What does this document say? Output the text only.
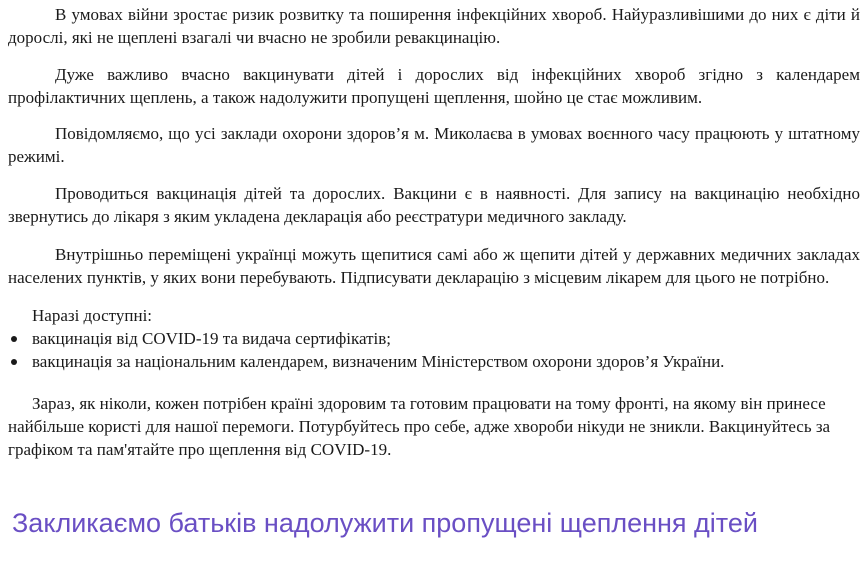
В умовах війни зростає ризик розвитку та поширення інфекційних хвороб. Найуразливішими до них є діти й дорослі, які не щеплені взагалі чи вчасно не зробили ревакцинацію.

Дуже важливо вчасно вакцинувати дітей і дорослих від інфекційних хвороб згідно з календарем профілактичних щеплень, а також надолужити пропущені щеплення, шойно це стає можливим.

Повідомляємо, що усі заклади охорони здоров’я м. Миколаєва в умовах воєнного часу працюють у штатному режимі.

Проводиться вакцинація дітей та дорослих. Вакцини є в наявності. Для запису на вакцинацію необхідно звернутись до лікаря з яким укладена декларація або реєстратури медичного закладу.

Внутрішньо переміщені українці можуть щепитися самі або ж щепити дітей у державних медичних закладах населених пунктів, у яких вони перебувають. Підписувати декларацію з місцевим лікарем для цього не потрібно.

Наразі доступні:

вакцинація від COVID-19 та видача сертифікатів;
вакцинація за національним календарем, визначеним Міністерством охорони здоров’я України.

Зараз, як ніколи, кожен потрібен країні здоровим та готовим працювати на тому фронті, на якому він принесе найбільше користі для нашої перемоги. Потурбуйтесь про себе, адже хвороби нікуди не зникли. Вакцинуйтесь за графіком та пам'ятайте про щеплення від COVID-19.

Закликаємо батьків надолужити пропущені щеплення дітей
